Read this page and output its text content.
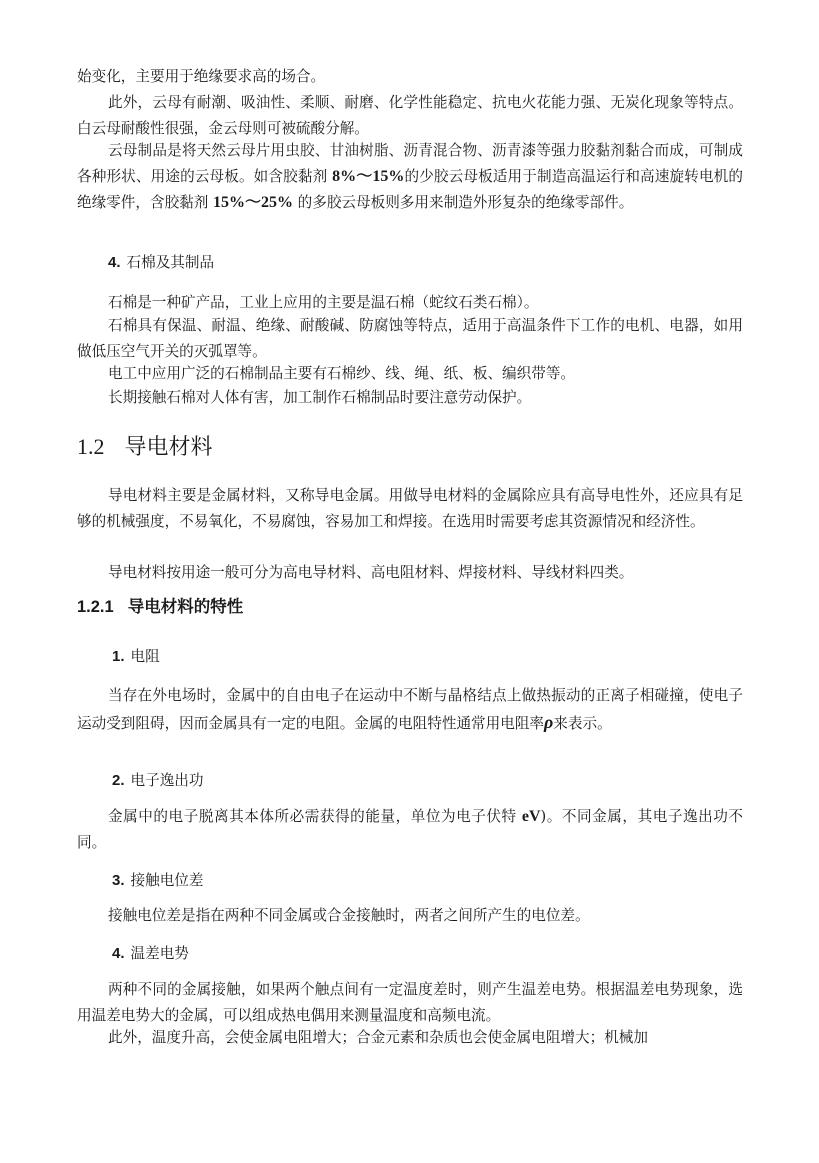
始变化，主要用于绝缘要求高的场合。

此外，云母有耐潮、吸油性、柔顺、耐磨、化学性能稳定、抗电火花能力强、无炭化现象等特点。白云母耐酸性很强，金云母则可被硫酸分解。

云母制品是将天然云母片用虫胶、甘油树脂、沥青混合物、沥青漆等强力胶黏剂黏合而成，可制成各种形状、用途的云母板。如含胶黏剂 8%～15%的少胶云母板适用于制造高温运行和高速旋转电机的绝缘零件，含胶黏剂 15%～25% 的多胶云母板则多用来制造外形复杂的绝缘零部件。

4. 石棉及其制品

石棉是一种矿产品，工业上应用的主要是温石棉（蛇纹石类石棉）。

石棉具有保温、耐温、绝缘、耐酸碱、防腐蚀等特点，适用于高温条件下工作的电机、电器，如用做低压空气开关的灭弧罩等。

电工中应用广泛的石棉制品主要有石棉纱、线、绳、纸、板、编织带等。

长期接触石棉对人体有害，加工制作石棉制品时要注意劳动保护。

1.2 导电材料

导电材料主要是金属材料，又称导电金属。用做导电材料的金属除应具有高导电性外，还应具有足够的机械强度，不易氧化，不易腐蚀，容易加工和焊接。在选用时需要考虑其资源情况和经济性。

导电材料按用途一般可分为高电导材料、高电阻材料、焊接材料、导线材料四类。

1.2.1 导电材料的特性
1. 电阻

当存在外电场时，金属中的自由电子在运动中不断与晶格结点上做热振动的正离子相碰撞，使电子运动受到阻碍，因而金属具有一定的电阻。金属的电阻特性通常用电阻率ρ来表示。

2. 电子逸出功

金属中的电子脱离其本体所必需获得的能量，单位为电子伏特 eV)。不同金属，其电子逸出功不同。

3. 接触电位差

接触电位差是指在两种不同金属或合金接触时，两者之间所产生的电位差。

4. 温差电势

两种不同的金属接触，如果两个触点间有一定温度差时，则产生温差电势。根据温差电势现象，选用温差电势大的金属，可以组成热电偶用来测量温度和高频电流。

此外，温度升高，会使金属电阻增大；合金元素和杂质也会使金属电阻增大；机械加
